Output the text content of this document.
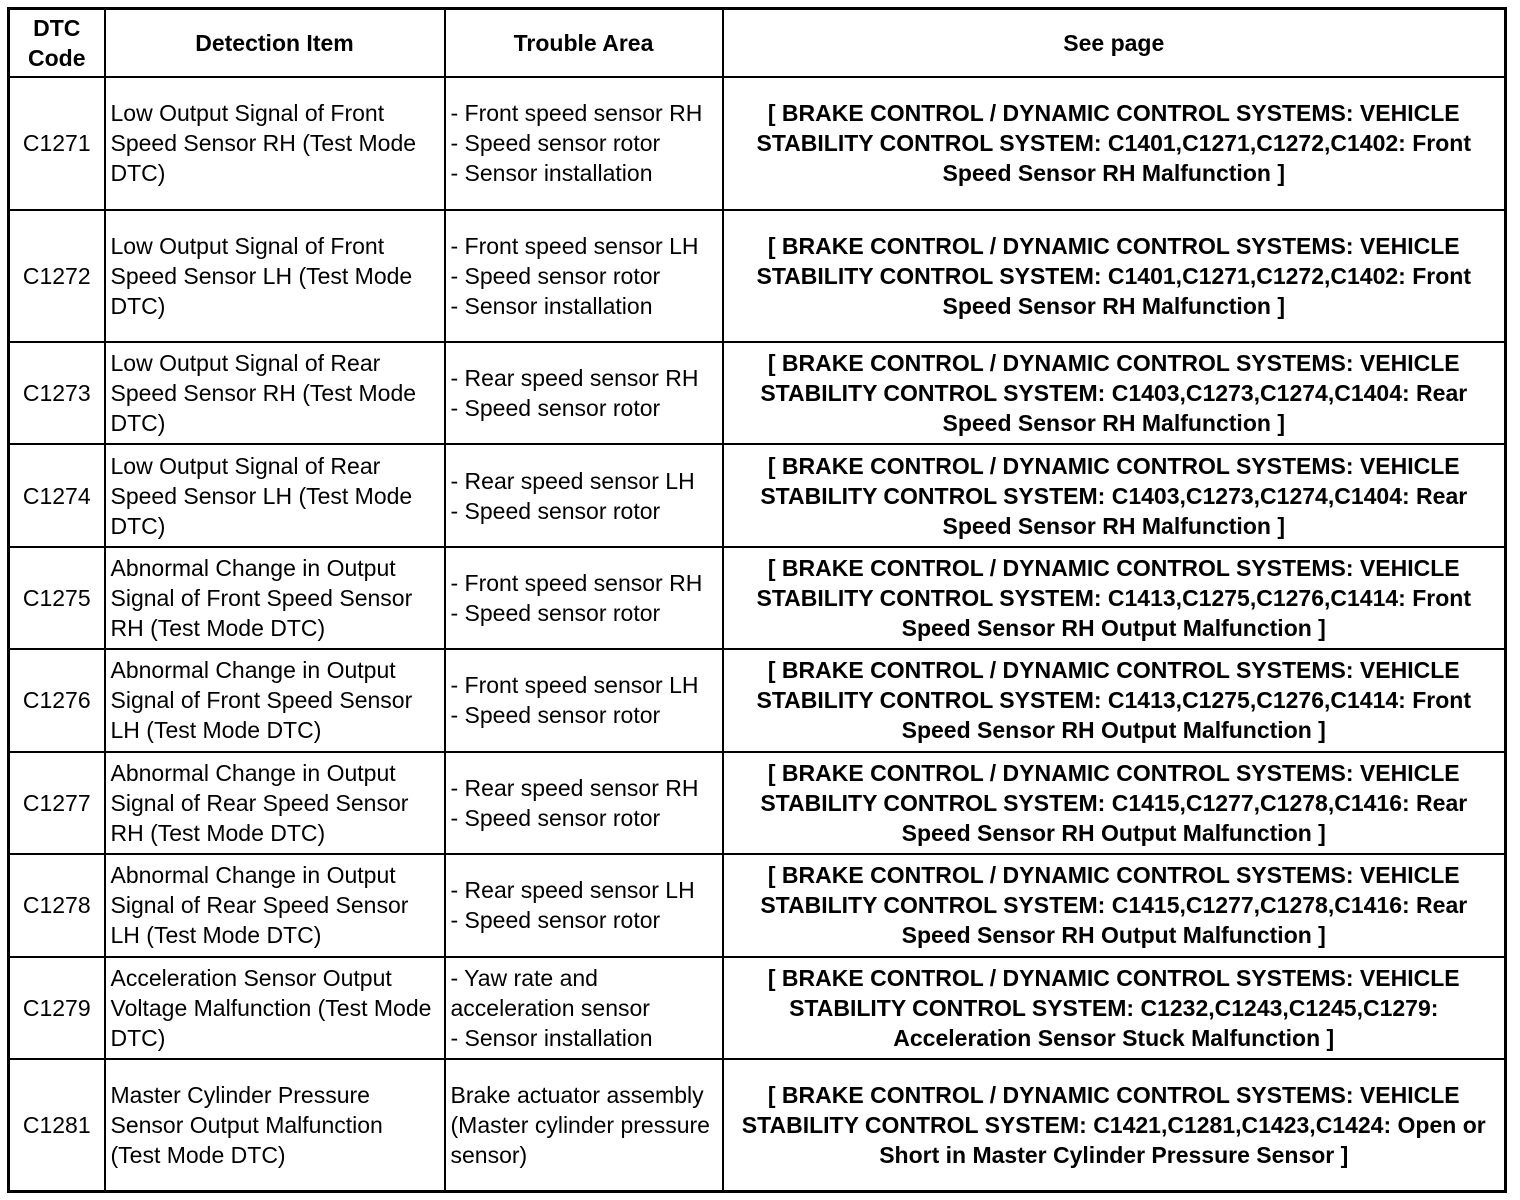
DTC Code	Detection Item	Trouble Area	See page
C1271	Low Output Signal of Front Speed Sensor RH (Test Mode DTC)	- Front speed sensor RH
- Speed sensor rotor
- Sensor installation	[ BRAKE CONTROL / DYNAMIC CONTROL SYSTEMS: VEHICLE STABILITY CONTROL SYSTEM: C1401,C1271,C1272,C1402: Front Speed Sensor RH Malfunction ]
C1272	Low Output Signal of Front Speed Sensor LH (Test Mode DTC)	- Front speed sensor LH
- Speed sensor rotor
- Sensor installation	[ BRAKE CONTROL / DYNAMIC CONTROL SYSTEMS: VEHICLE STABILITY CONTROL SYSTEM: C1401,C1271,C1272,C1402: Front Speed Sensor RH Malfunction ]
C1273	Low Output Signal of Rear Speed Sensor RH (Test Mode DTC)	- Rear speed sensor RH
- Speed sensor rotor	[ BRAKE CONTROL / DYNAMIC CONTROL SYSTEMS: VEHICLE STABILITY CONTROL SYSTEM: C1403,C1273,C1274,C1404: Rear Speed Sensor RH Malfunction ]
C1274	Low Output Signal of Rear Speed Sensor LH (Test Mode DTC)	- Rear speed sensor LH
- Speed sensor rotor	[ BRAKE CONTROL / DYNAMIC CONTROL SYSTEMS: VEHICLE STABILITY CONTROL SYSTEM: C1403,C1273,C1274,C1404: Rear Speed Sensor RH Malfunction ]
C1275	Abnormal Change in Output Signal of Front Speed Sensor RH (Test Mode DTC)	- Front speed sensor RH
- Speed sensor rotor	[ BRAKE CONTROL / DYNAMIC CONTROL SYSTEMS: VEHICLE STABILITY CONTROL SYSTEM: C1413,C1275,C1276,C1414: Front Speed Sensor RH Output Malfunction ]
C1276	Abnormal Change in Output Signal of Front Speed Sensor LH (Test Mode DTC)	- Front speed sensor LH
- Speed sensor rotor	[ BRAKE CONTROL / DYNAMIC CONTROL SYSTEMS: VEHICLE STABILITY CONTROL SYSTEM: C1413,C1275,C1276,C1414: Front Speed Sensor RH Output Malfunction ]
C1277	Abnormal Change in Output Signal of Rear Speed Sensor RH (Test Mode DTC)	- Rear speed sensor RH
- Speed sensor rotor	[ BRAKE CONTROL / DYNAMIC CONTROL SYSTEMS: VEHICLE STABILITY CONTROL SYSTEM: C1415,C1277,C1278,C1416: Rear Speed Sensor RH Output Malfunction ]
C1278	Abnormal Change in Output Signal of Rear Speed Sensor LH (Test Mode DTC)	- Rear speed sensor LH
- Speed sensor rotor	[ BRAKE CONTROL / DYNAMIC CONTROL SYSTEMS: VEHICLE STABILITY CONTROL SYSTEM: C1415,C1277,C1278,C1416: Rear Speed Sensor RH Output Malfunction ]
C1279	Acceleration Sensor Output Voltage Malfunction (Test Mode DTC)	- Yaw rate and acceleration sensor
- Sensor installation	[ BRAKE CONTROL / DYNAMIC CONTROL SYSTEMS: VEHICLE STABILITY CONTROL SYSTEM: C1232,C1243,C1245,C1279: Acceleration Sensor Stuck Malfunction ]
C1281	Master Cylinder Pressure Sensor Output Malfunction (Test Mode DTC)	Brake actuator assembly (Master cylinder pressure sensor)	[ BRAKE CONTROL / DYNAMIC CONTROL SYSTEMS: VEHICLE STABILITY CONTROL SYSTEM: C1421,C1281,C1423,C1424: Open or Short in Master Cylinder Pressure Sensor ]
